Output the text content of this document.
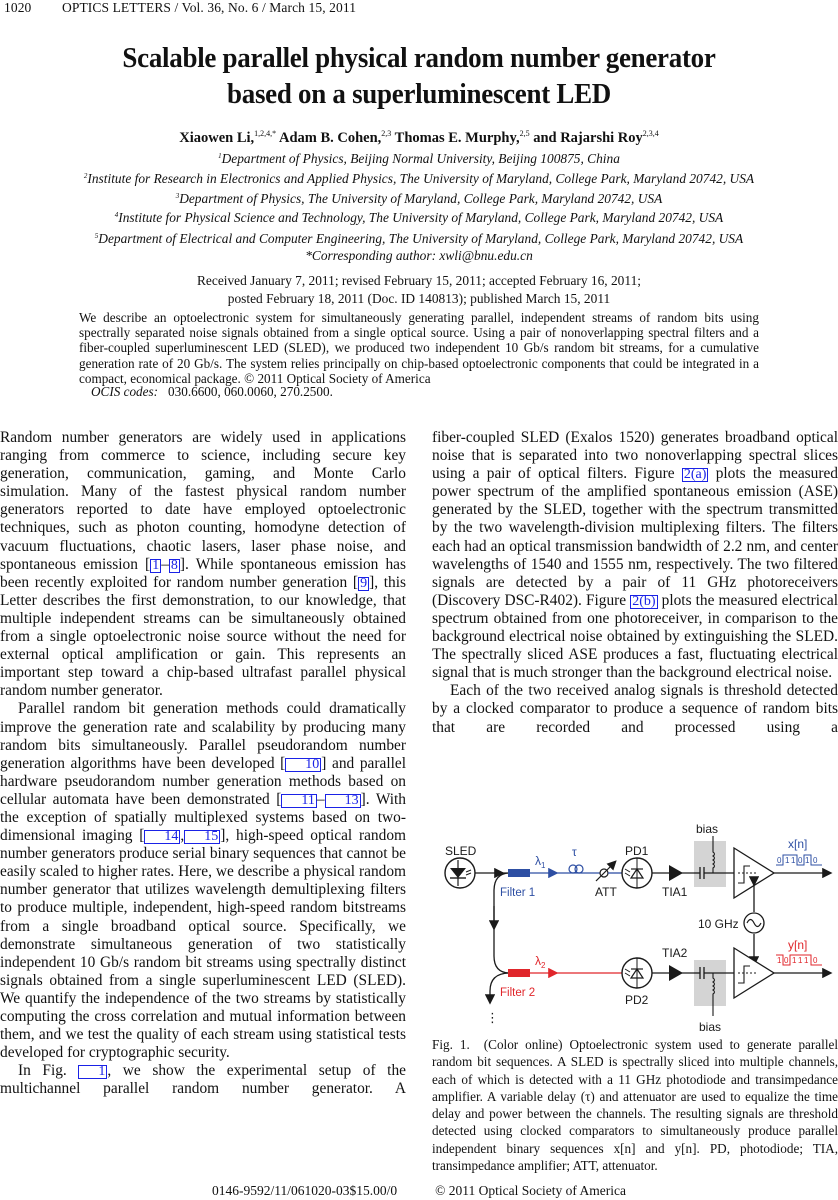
1020 OPTICS LETTERS / Vol. 36, No. 6 / March 15, 2011
Scalable parallel physical random number generator
based on a superluminescent LED
Xiaowen Li,$^{1,2,4,*}$ Adam B. Cohen,$^{2,3}$ Thomas E. Murphy,$^{2,5}$ and Rajarshi Roy$^{2,3,4}$
$^1$Department of Physics, Beijing Normal University, Beijing 100875, China
$^2$Institute for Research in Electronics and Applied Physics, The University of Maryland, College Park, Maryland 20742, USA
$^3$Department of Physics, The University of Maryland, College Park, Maryland 20742, USA
$^4$Institute for Physical Science and Technology, The University of Maryland, College Park, Maryland 20742, USA
$^5$Department of Electrical and Computer Engineering, The University of Maryland, College Park, Maryland 20742, USA
*Corresponding author: xwli@bnu.edu.cn
Received January 7, 2011; revised February 15, 2011; accepted February 16, 2011;
posted February 18, 2011 (Doc. ID 140813); published March 15, 2011
We describe an optoelectronic system for simultaneously generating parallel, independent streams of random bits using spectrally separated noise signals obtained from a single optical source. Using a pair of nonoverlapping spectral filters and a fiber-coupled superluminescent LED (SLED), we produced two independent 10 Gb/s random bit streams, for a cumulative generation rate of 20 Gb/s. The system relies principally on chip-based optoelectronic components that could be integrated in a compact, economical package. © 2011 Optical Society of America
OCIS codes: 030.6600, 060.0060, 270.2500.

Random number generators are widely used in applications ranging from commerce to science, including secure key generation, communication, gaming, and Monte Carlo simulation. Many of the fastest physical random number generators reported to date have employed optoelectronic techniques, such as photon counting, homodyne detection of vacuum fluctuations, chaotic lasers, laser phase noise, and spontaneous emission [ 1 – 8 ]. While spontaneous emission has been recently exploited for random number generation [ 9 ], this Letter describes the first demonstration, to our knowledge, that multiple independent streams can be simultaneously obtained from a single optoelectronic noise source without the need for external optical amplification or gain. This represents an important step toward a chip-based ultrafast parallel physical random number generator.

Parallel random bit generation methods could dramatically improve the generation rate and scalability by producing many random bits simultaneously. Parallel pseudorandom number generation algorithms have been developed [ 10 ] and parallel hardware pseudorandom number generation methods based on cellular automata have been demonstrated [ 11 – 13 ]. With the exception of spatially multiplexed systems based on two-dimensional imaging [ 14 , 15 ], high-speed optical random number generators produce serial binary sequences that cannot be easily scaled to higher rates. Here, we describe a physical random number generator that utilizes wavelength demultiplexing filters to produce multiple, independent, high-speed random bitstreams from a single broadband optical source. Specifically, we demonstrate simultaneous generation of two statistically independent 10 Gb/s random bit streams using spectrally distinct signals obtained from a single superluminescent LED (SLED). We quantify the independence of the two streams by statistically computing the cross correlation and mutual information between them, and we test the quality of each stream using statistical tests developed for cryptographic security.

In Fig. 1 , we show the experimental setup of the multichannel parallel random number generator. A

fiber-coupled SLED (Exalos 1520) generates broadband optical noise that is separated into two nonoverlapping spectral slices using a pair of optical filters. Figure 2(a) plots the measured power spectrum of the amplified spontaneous emission (ASE) generated by the SLED, together with the spectrum transmitted by the two wavelength-division multiplexing filters. The filters each had an optical transmission bandwidth of 2.2 nm, and center wavelengths of 1540 and 1555 nm, respectively. The two filtered signals are detected by a pair of 11 GHz photoreceivers (Discovery DSC-R402). Figure 2(b) plots the measured electrical spectrum obtained from one photoreceiver, in comparison to the background electrical noise obtained by extinguishing the SLED. The spectrally sliced ASE produces a fast, fluctuating electrical signal that is much stronger than the background electrical noise.

Each of the two received analog signals is threshold detected by a clocked comparator to produce a sequence of random bits that are recorded and processed using a

SLED
⋮
Filter 1
$\lambda_1$
τ
ATT
PD1
TIA1
bias
x[n]
0 1 1 0 1 0
10 GHz
Filter 2
$\lambda_2$
PD2
TIA2
bias
y[n]
1 0 1 1 1 0
Fig. 1. (Color online) Optoelectronic system used to generate parallel random bit sequences. A SLED is spectrally sliced into multiple channels, each of which is detected with a 11 GHz photodiode and transimpedance amplifier. A variable delay (τ) and attenuator are used to equalize the time delay and power between the channels. The resulting signals are threshold detected using clocked comparators to simultaneously produce parallel independent binary sequences x[n] and y[n]. PD, photodiode; TIA, transimpedance amplifier; ATT, attenuator.
0146-9592/11/061020-03$15.00/0	© 2011 Optical Society of America
